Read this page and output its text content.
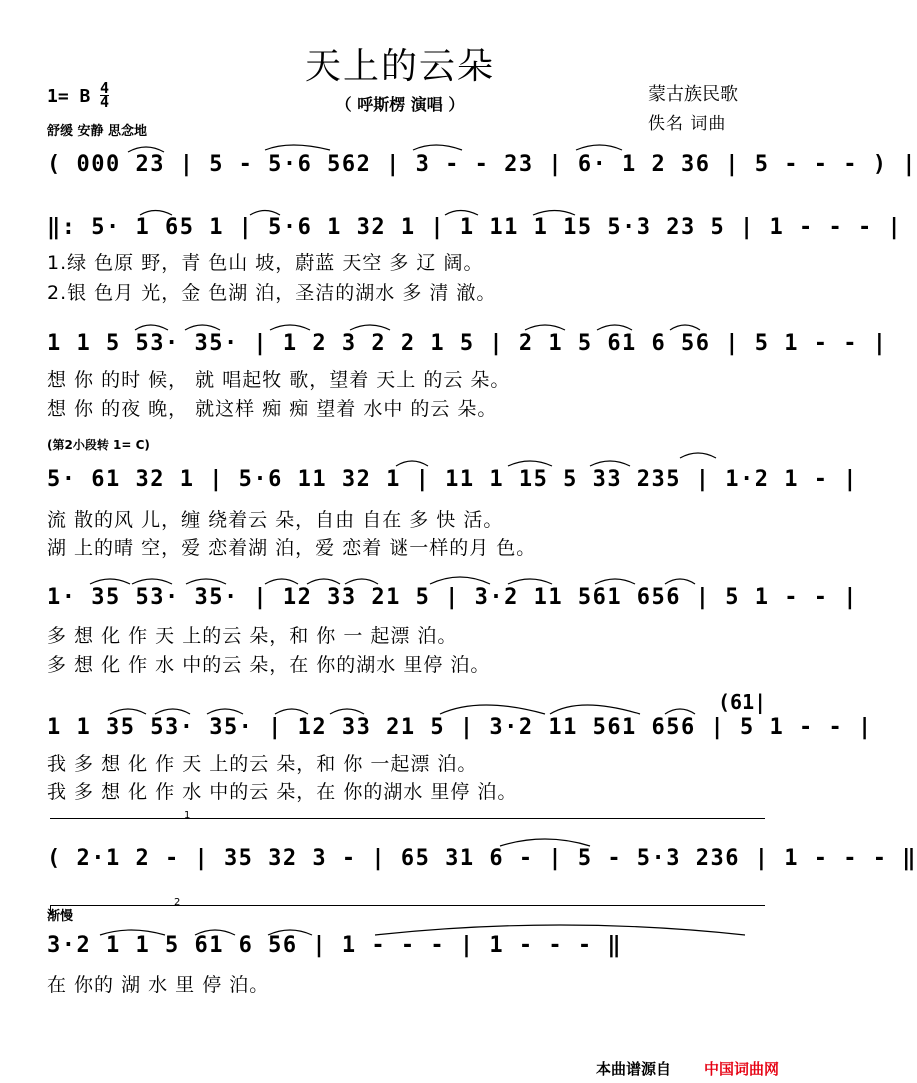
天上的云朵
（ 呼斯楞 演唱 ）
1= B 4
4
舒缓 安静 思念地
蒙古族民歌
佚名 词曲
( 000 23 | 5 - 5·6 562 | 3 - - 23 | 6· 1 2 36 | 5 - - - ) |
‖: 5· 1 65 1 | 5·6 1 32 1 | 1 11 1 15 5·3 23 5 | 1 - - - |
1.绿 色原 野，青 色山 坡，蔚蓝 天空 多 辽 阔。
2.银 色月 光，金 色湖 泊，圣洁的湖水 多 清 澈。
1 1 5 53· 35· | 1 2 3 2 2 1 5 | 2 1 5 61 6 56 | 5 1 - - |
想 你 的时 候， 就 唱起牧 歌，望着 天上 的云 朵。
想 你 的夜 晚， 就这样 痴 痴 望着 水中 的云 朵。
(第2小段转 1= C)
5· 61 32 1 | 5·6 11 32 1 | 11 1 15 5 33 235 | 1·2 1 - |
流 散的风 儿，缠 绕着云 朵，自由 自在 多 快 活。
湖 上的晴 空，爱 恋着湖 泊，爱 恋着 谜一样的月 色。
1· 35 53· 35· | 12 33 21 5 | 3·2 11 561 656 | 5 1 - - |
多 想 化 作 天 上的云 朵，和 你 一 起漂 泊。
多 想 化 作 水 中的云 朵，在 你的湖水 里停 泊。
(61|
1 1 35 53· 35· | 12 33 21 5 | 3·2 11 561 656 | 5 1 - - |
我 多 想 化 作 天 上的云 朵，和 你 一起漂 泊。
我 多 想 化 作 水 中的云 朵，在 你的湖水 里停 泊。
1
( 2·1 2 - | 35 32 3 - | 65 31 6 - | 5 - 5·3 236 | 1 - - - ‖
2
渐慢
3·2 1 1 5 61 6 56 | 1 - - - | 1 - - - ‖
在 你的 湖 水 里 停 泊。
本曲谱源自 中国词曲网
